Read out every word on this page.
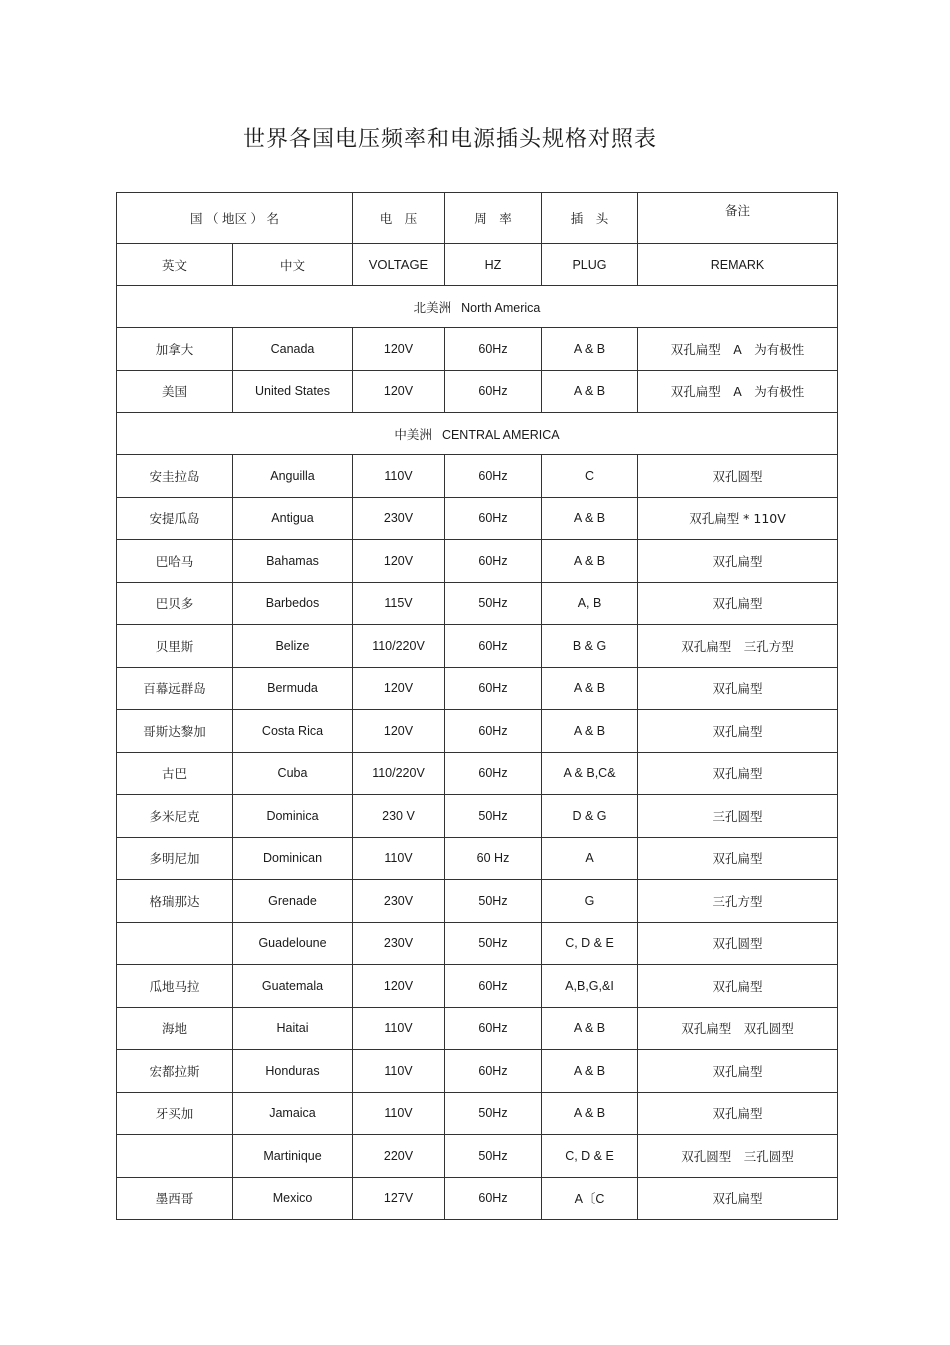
世界各国电压频率和电源插头规格对照表
国 （ 地区 ） 名		电　压	周　率	插　头	备注
英文	中文	VOLTAGE	HZ	PLUG	REMARK
北美洲 North America					
加拿大	Canada	120V	60Hz	A & B	双孔扁型　A　为有极性
美国	United States	120V	60Hz	A & B	双孔扁型　A　为有极性
中美洲 CENTRAL AMERICA					
安圭拉岛	Anguilla	110V	60Hz	C	双孔圆型
安提瓜岛	Antigua	230V	60Hz	A & B	双孔扁型 * 110V
巴哈马	Bahamas	120V	60Hz	A & B	双孔扁型
巴贝多	Barbedos	115V	50Hz	A, B	双孔扁型
贝里斯	Belize	110/220V	60Hz	B & G	双孔扁型　三孔方型
百幕远群岛	Bermuda	120V	60Hz	A & B	双孔扁型
哥斯达黎加	Costa Rica	120V	60Hz	A & B	双孔扁型
古巴	Cuba	110/220V	60Hz	A & B,C&	双孔扁型
多米尼克	Dominica	230 V	50Hz	D & G	三孔圆型
多明尼加	Dominican	110V	60 Hz	A	双孔扁型
格瑞那达	Grenade	230V	50Hz	G	三孔方型
	Guadeloune	230V	50Hz	C, D & E	双孔圆型
瓜地马拉	Guatemala	120V	60Hz	A,B,G,&I	双孔扁型
海地	Haitai	110V	60Hz	A & B	双孔扁型　双孔圆型
宏都拉斯	Honduras	110V	60Hz	A & B	双孔扁型
牙买加	Jamaica	110V	50Hz	A & B	双孔扁型
	Martinique	220V	50Hz	C, D & E	双孔圆型　三孔圆型
墨西哥	Mexico	127V	60Hz	A〔C	双孔扁型
